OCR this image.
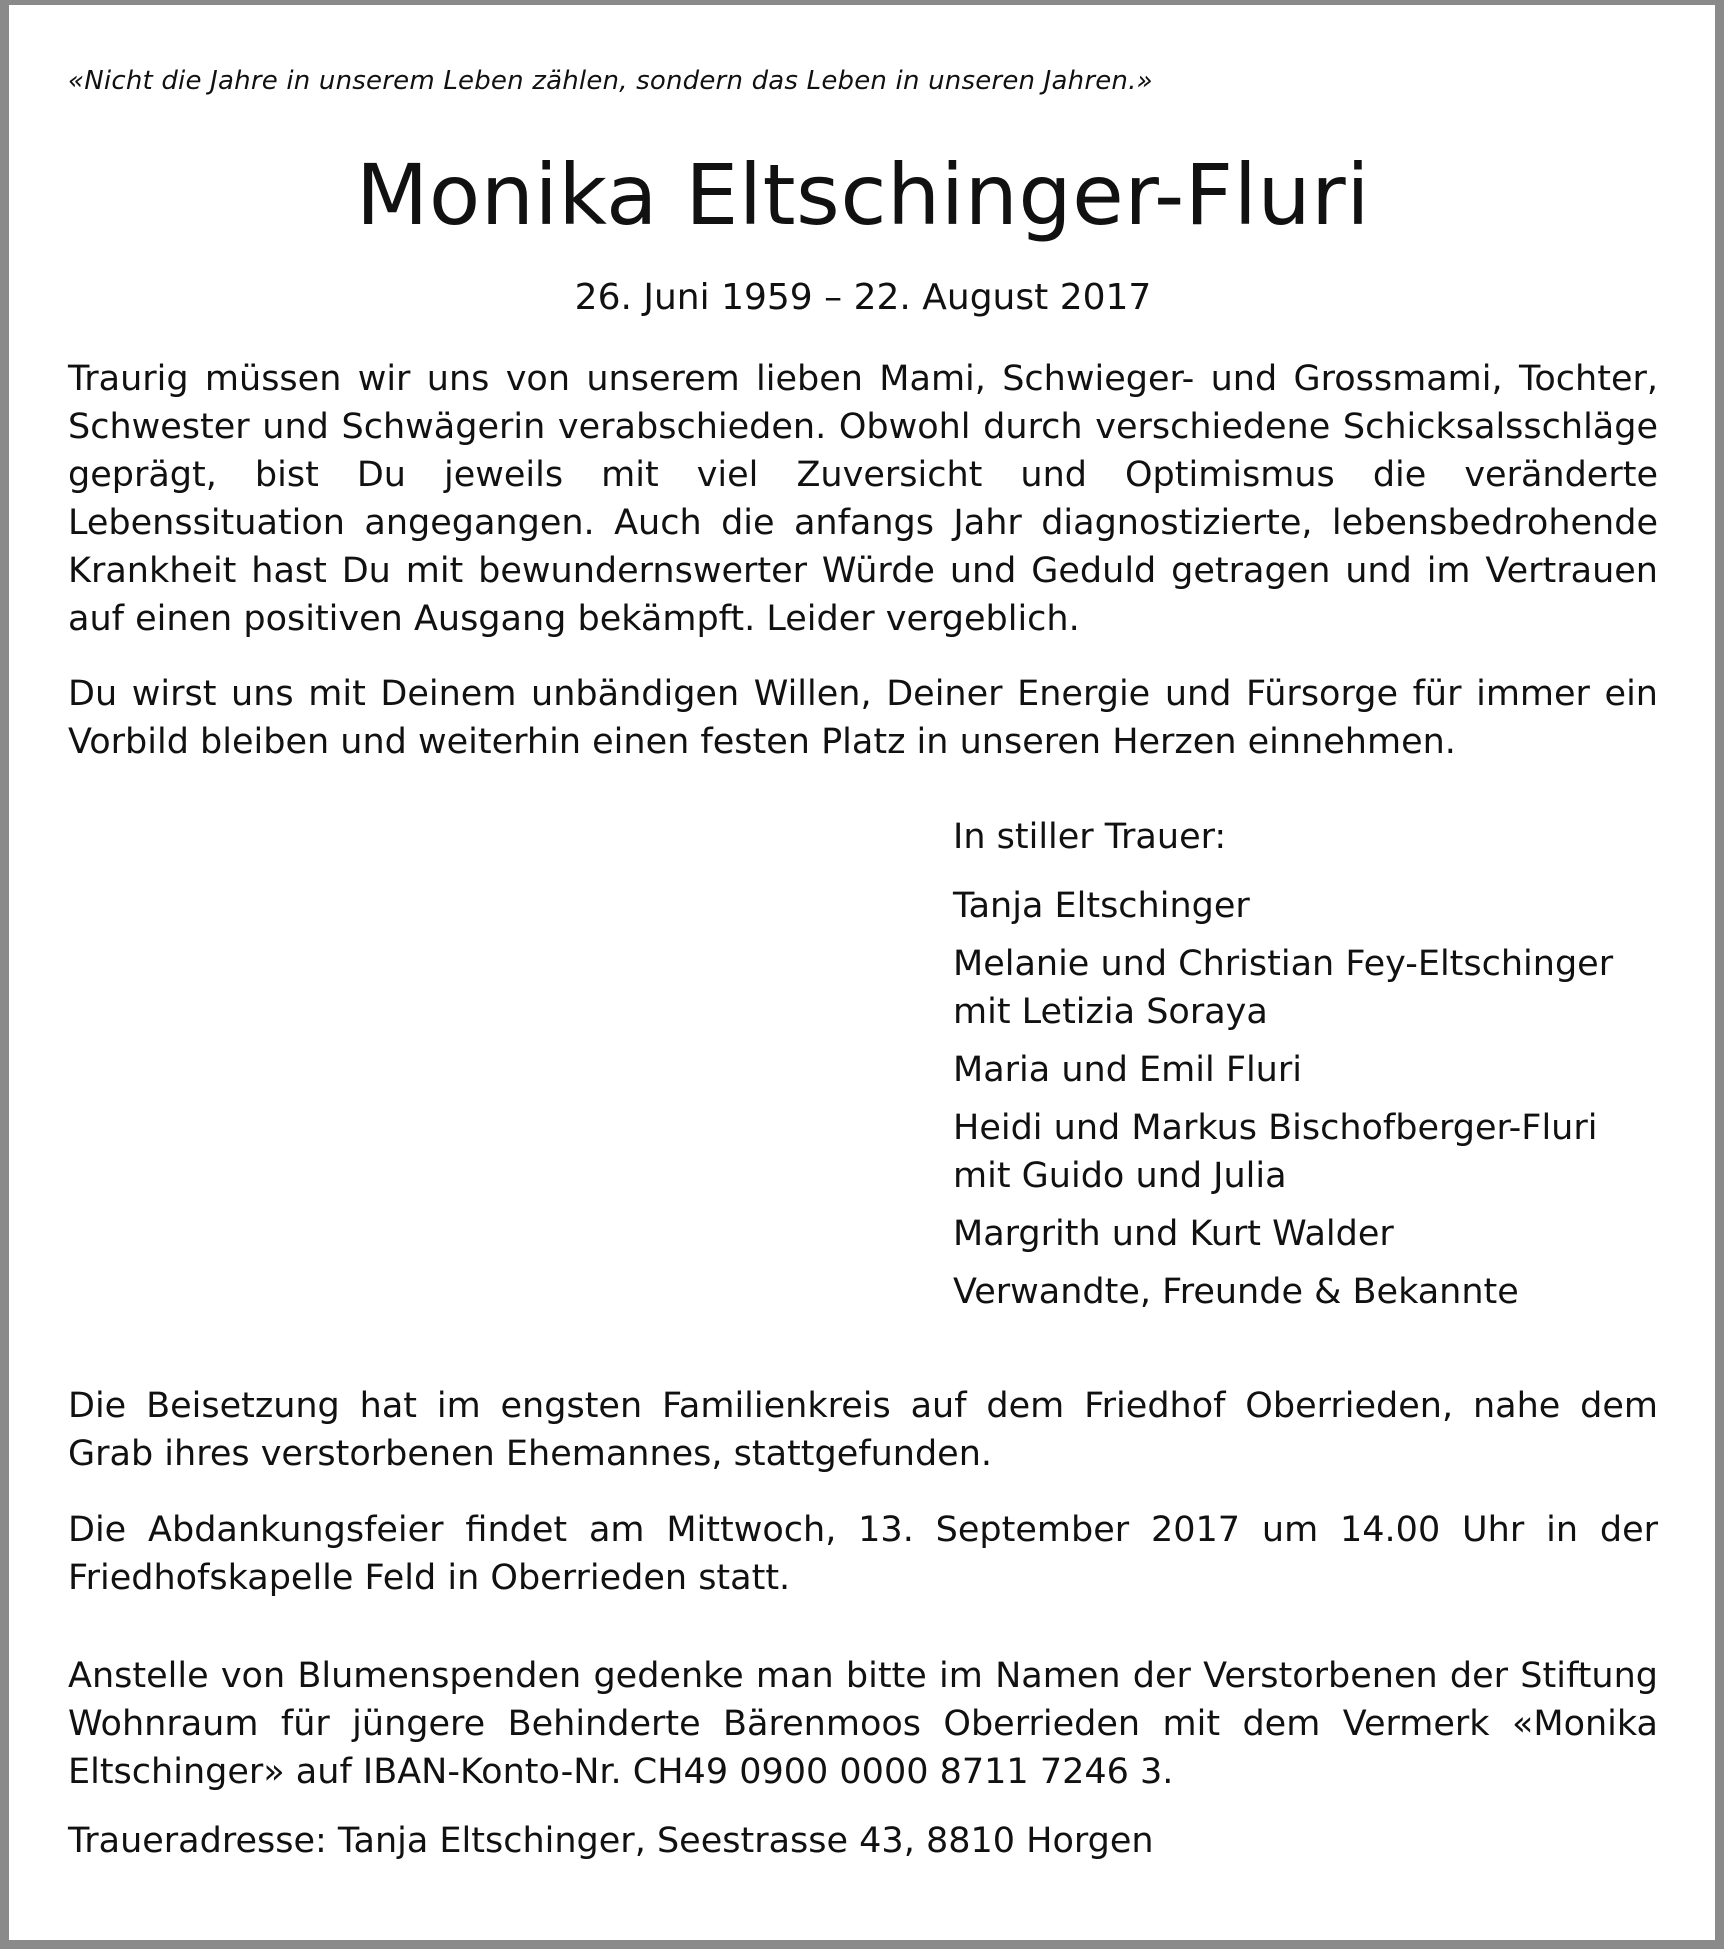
«Nicht die Jahre in unserem Leben zählen, sondern das Leben in unseren Jahren.»
Monika Eltschinger-Fluri
26. Juni 1959 – 22. August 2017
Traurig müssen wir uns von unserem lieben Mami, Schwieger- und Grossmami, Tochter, Schwester und Schwägerin verabschieden. Obwohl durch verschiedene Schicksalsschläge geprägt, bist Du jeweils mit viel Zuversicht und Optimismus die veränderte Lebenssituation angegangen. Auch die anfangs Jahr diagnostizierte, lebensbedrohende Krankheit hast Du mit bewundernswerter Würde und Geduld getragen und im Vertrauen auf einen positiven Ausgang bekämpft. Leider vergeblich.
Du wirst uns mit Deinem unbändigen Willen, Deiner Energie und Fürsorge für immer ein Vorbild bleiben und weiterhin einen festen Platz in unseren Herzen einnehmen.
In stiller Trauer:
Tanja Eltschinger
Melanie und Christian Fey-Eltschinger
mit Letizia Soraya
Maria und Emil Fluri
Heidi und Markus Bischofberger-Fluri
mit Guido und Julia
Margrith und Kurt Walder
Verwandte, Freunde & Bekannte
Die Beisetzung hat im engsten Familienkreis auf dem Friedhof Oberrieden, nahe dem Grab ihres verstorbenen Ehemannes, stattgefunden.
Die Abdankungsfeier findet am Mittwoch, 13. September 2017 um 14.00 Uhr in der Friedhofskapelle Feld in Oberrieden statt.
Anstelle von Blumenspenden gedenke man bitte im Namen der Verstorbenen der Stiftung Wohnraum für jüngere Behinderte Bärenmoos Oberrieden mit dem Vermerk «Monika Eltschinger» auf IBAN-Konto-Nr. CH49 0900 0000 8711 7246 3.
Traueradresse: Tanja Eltschinger, Seestrasse 43, 8810 Horgen
